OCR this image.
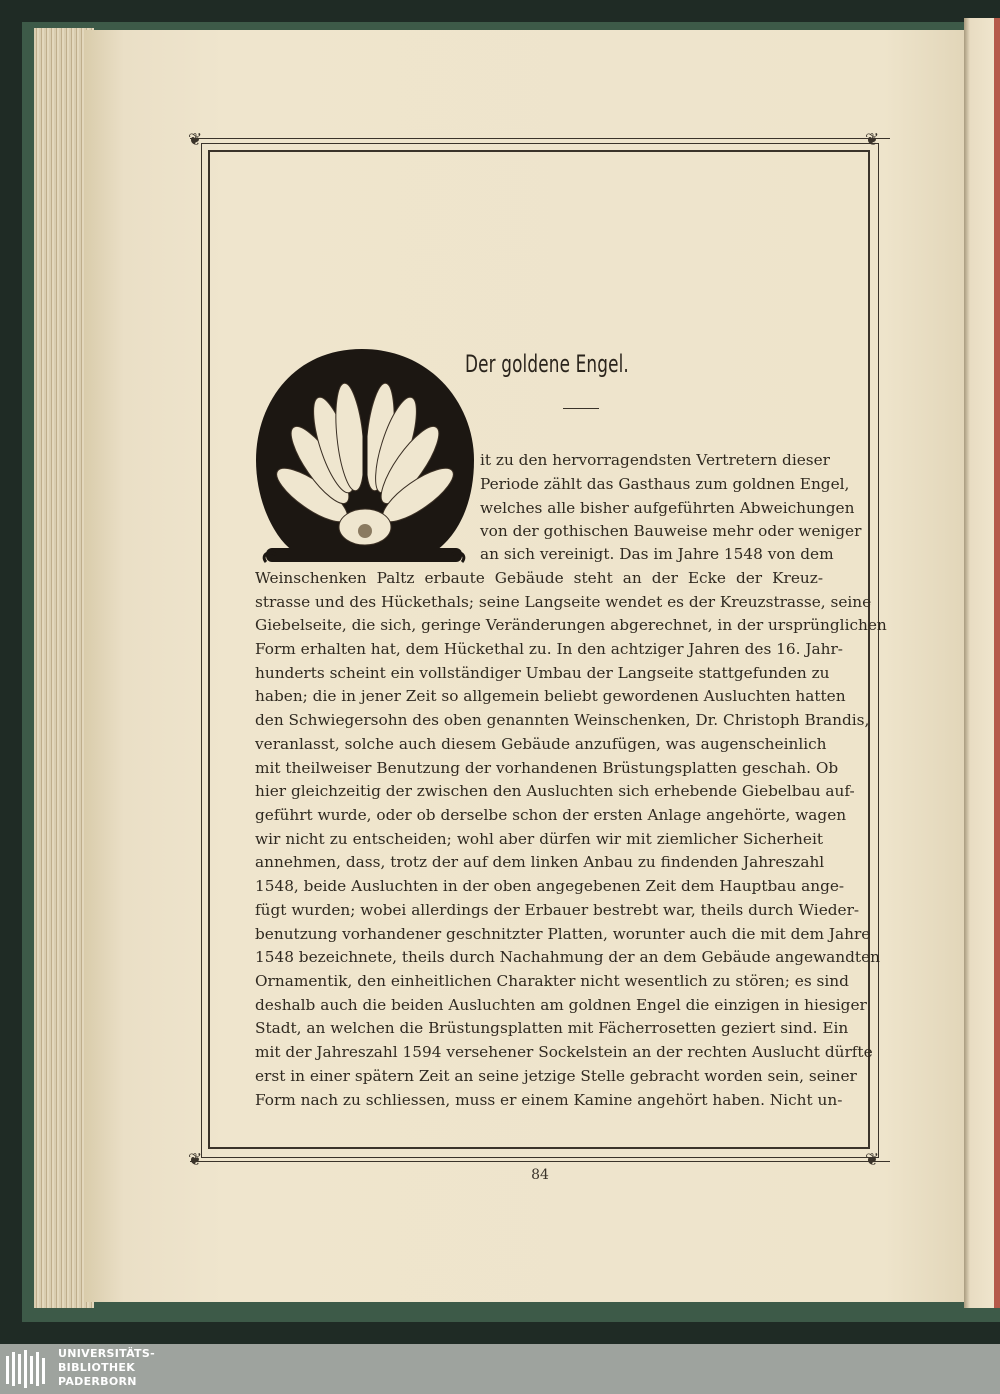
❦	❦
❦	❦
Der goldene Engel.
it zu den hervorragendsten Vertretern dieser
Periode zählt das Gasthaus zum goldnen Engel,
welches alle bisher aufgeführten Abweichungen
von der gothischen Bauweise mehr oder weniger
an sich vereinigt. Das im Jahre 1548 von dem
Weinschenken Paltz erbaute Gebäude steht an der Ecke der Kreuz-
strasse und des Hückethals; seine Langseite wendet es der Kreuzstrasse, seine
Giebelseite, die sich, geringe Veränderungen abgerechnet, in der ursprünglichen
Form erhalten hat, dem Hückethal zu. In den achtziger Jahren des 16. Jahr-
hunderts scheint ein vollständiger Umbau der Langseite stattgefunden zu
haben; die in jener Zeit so allgemein beliebt gewordenen Ausluchten hatten
den Schwiegersohn des oben genannten Weinschenken, Dr. Christoph Brandis,
veranlasst, solche auch diesem Gebäude anzufügen, was augenscheinlich
mit theilweiser Benutzung der vorhandenen Brüstungsplatten geschah. Ob
hier gleichzeitig der zwischen den Ausluchten sich erhebende Giebelbau auf-
geführt wurde, oder ob derselbe schon der ersten Anlage angehörte, wagen
wir nicht zu entscheiden; wohl aber dürfen wir mit ziemlicher Sicherheit
annehmen, dass, trotz der auf dem linken Anbau zu findenden Jahreszahl
1548, beide Ausluchten in der oben angegebenen Zeit dem Hauptbau ange-
fügt wurden; wobei allerdings der Erbauer bestrebt war, theils durch Wieder-
benutzung vorhandener geschnitzter Platten, worunter auch die mit dem Jahre
1548 bezeichnete, theils durch Nachahmung der an dem Gebäude angewandten
Ornamentik, den einheitlichen Charakter nicht wesentlich zu stören; es sind
deshalb auch die beiden Ausluchten am goldnen Engel die einzigen in hiesiger
Stadt, an welchen die Brüstungsplatten mit Fächerrosetten geziert sind. Ein
mit der Jahreszahl 1594 versehener Sockelstein an der rechten Auslucht dürfte
erst in einer spätern Zeit an seine jetzige Stelle gebracht worden sein, seiner
Form nach zu schliessen, muss er einem Kamine angehört haben. Nicht un-
84
UNIVERSITÄTS-
BIBLIOTHEK
PADERBORN
